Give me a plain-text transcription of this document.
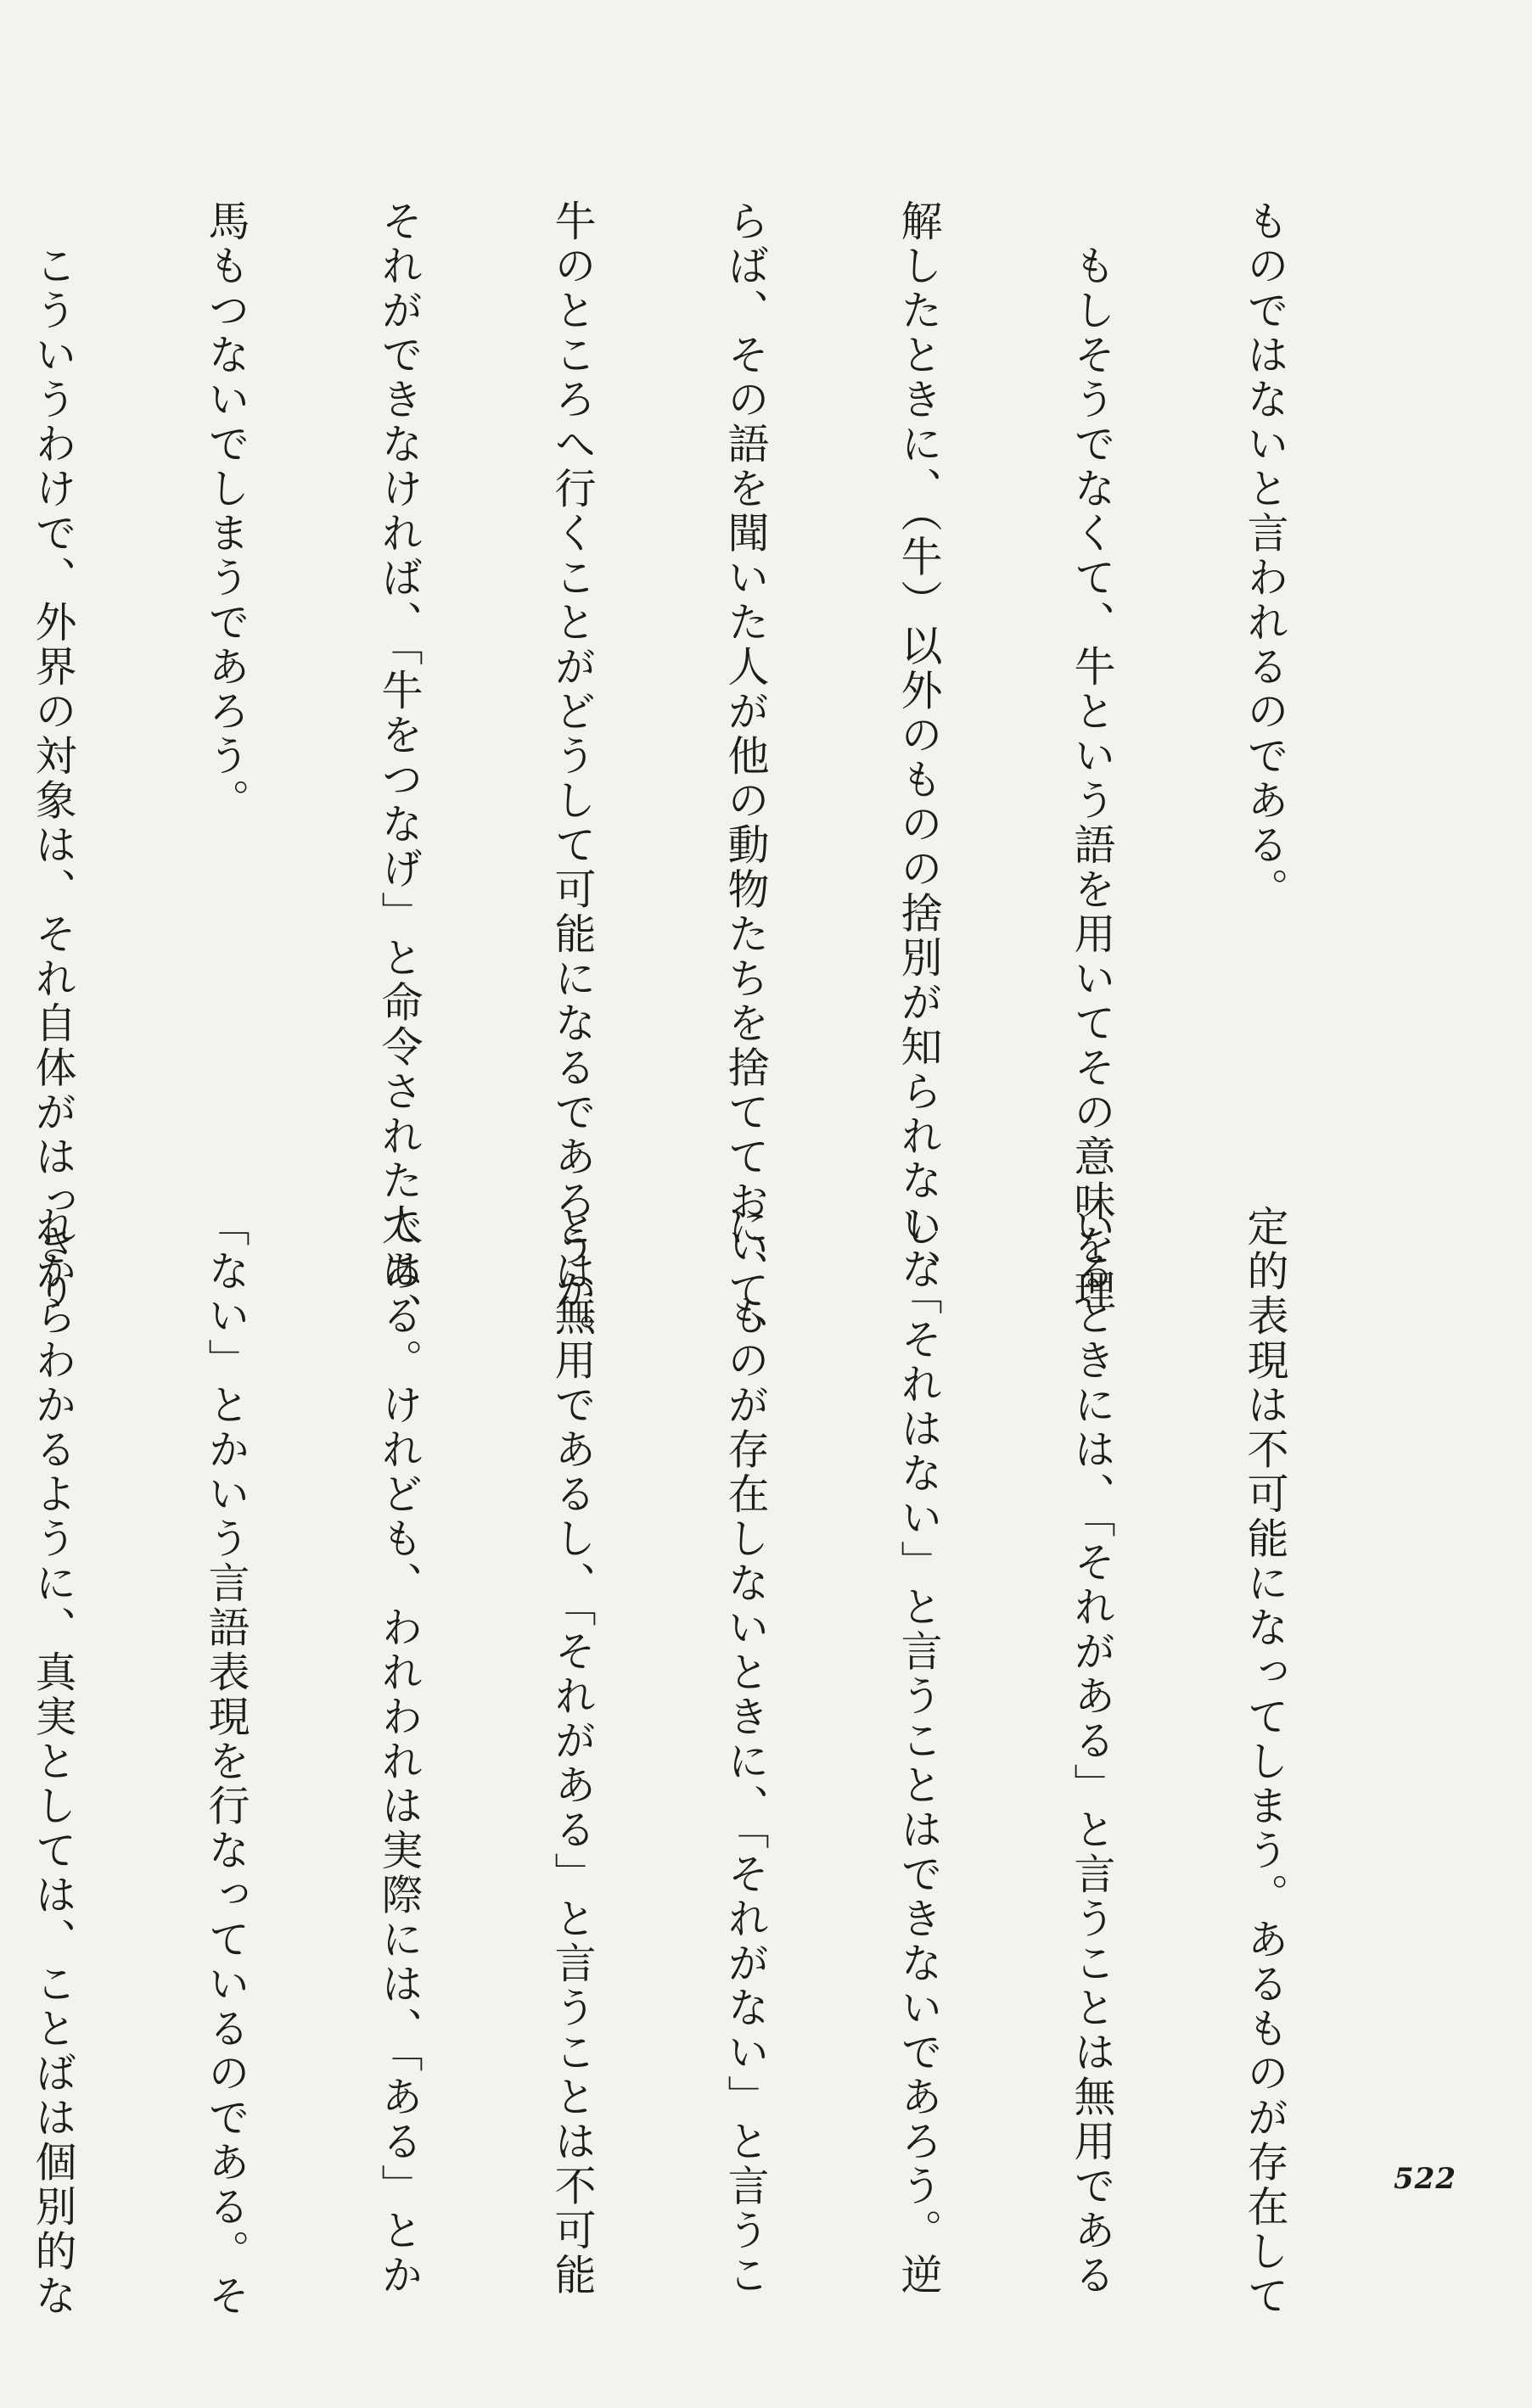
ものではないと言われるのである。

　もしそうでなくて、牛という語を用いてその意味を理

解したときに、（牛）以外のものの捨別が知られないな

らば、その語を聞いた人が他の動物たちを捨てておいて、

牛のところへ行くことがどうして可能になるであろうか。

それができなければ、「牛をつなげ」と命令された人は、

馬もつないでしまうであろう。

　こういうわけで、外界の対象は、それ自体がはっきり

定的表現は不可能になってしまう。あるものが存在して

いるときには、「それがある」と言うことは無用である

し、「それはない」と言うことはできないであろう。逆

に、ものが存在しないときに、「それがない」と言うこ

とは無用であるし、「それがある」と言うことは不可能

である。けれども、われわれは実際には、「ある」とか

「ない」とかいう言語表現を行なっているのである。そ

れからわかるように、真実としては、ことばは個別的な

	522
